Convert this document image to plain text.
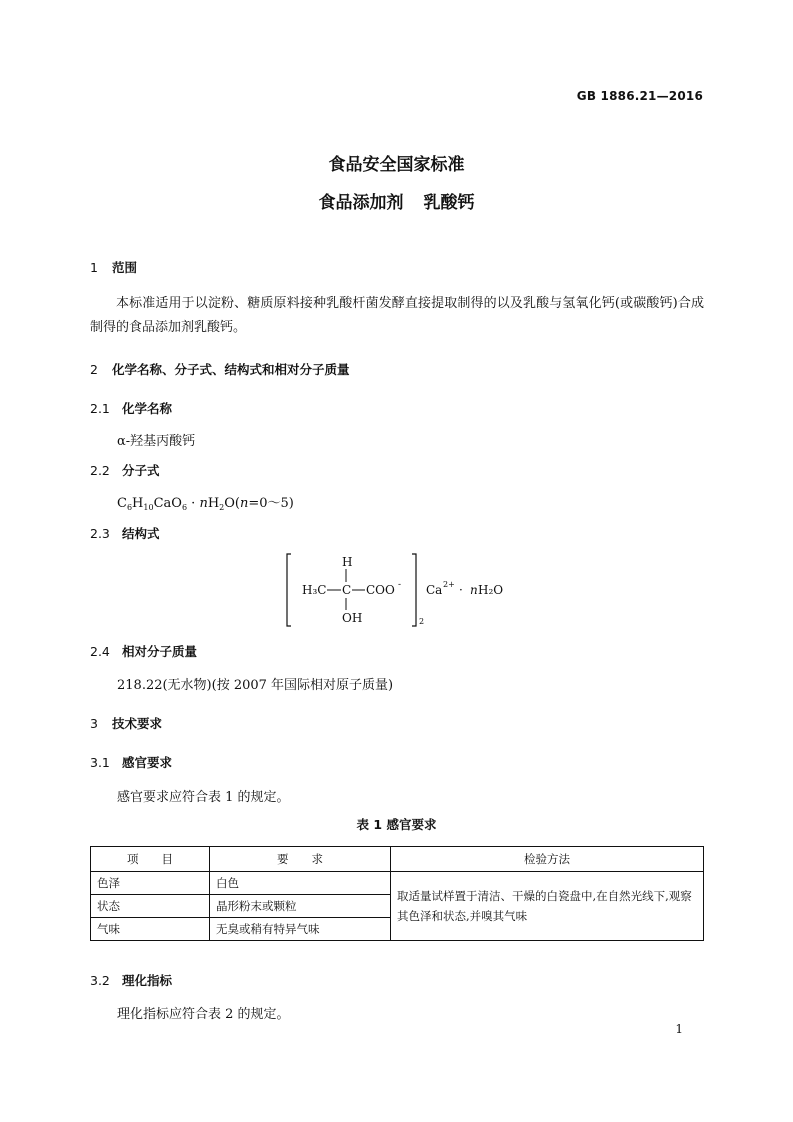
GB 1886.21—2016
食品安全国家标准
食品添加剂 乳酸钙
1 范围
本标准适用于以淀粉、糖质原料接种乳酸杆菌发酵直接提取制得的以及乳酸与氢氧化钙(或碳酸钙)合成制得的食品添加剂乳酸钙。
2 化学名称、分子式、结构式和相对分子质量
2.1 化学名称
α-羟基丙酸钙
2.2 分子式
$C_6H_{10}CaO_6$ · $nH_2O(n=0\sim 5)$
2.3 结构式
H
H₃C C COO -
OH	2
Ca 2+ · n H₂O
2.4 相对分子质量
218.22(无水物)(按 2007 年国际相对原子质量)
3 技术要求
3.1 感官要求
感官要求应符合表 1 的规定。
表 1 感官要求
项　　目	要　　求	检验方法
色泽	白色	取适量试样置于清洁、干燥的白瓷盘中,在自然光线下,观察其色泽和状态,并嗅其气味
状态	晶形粉末或颗粒	
气味	无臭或稍有特异气味	
3.2 理化指标
理化指标应符合表 2 的规定。
1
